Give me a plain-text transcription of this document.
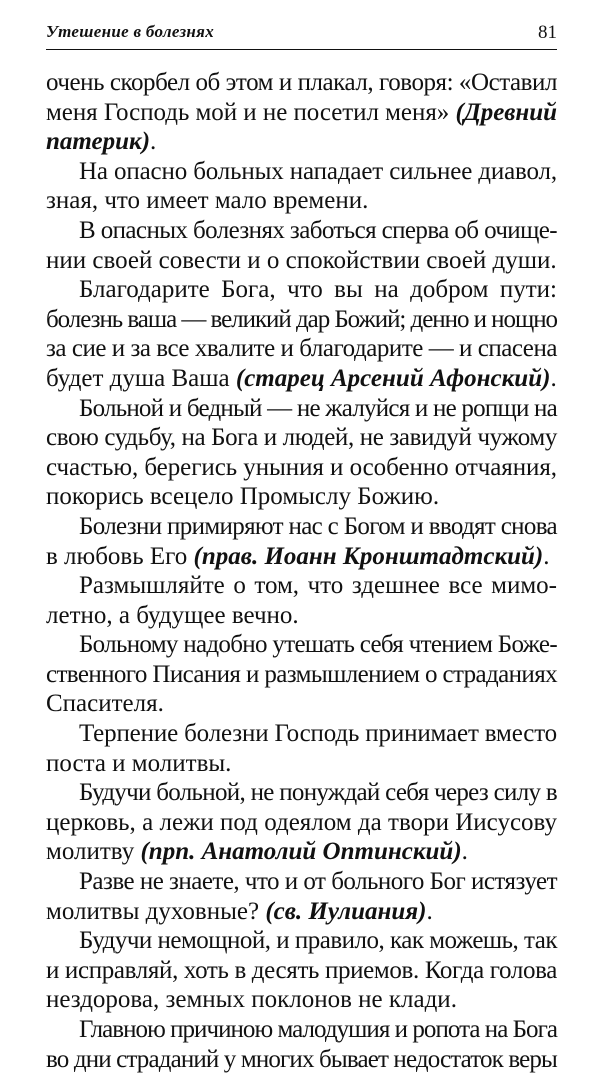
Утешение в болезнях	81
очень скорбел об этом и плакал, говоря: «Оставил
меня Господь мой и не посетил меня» (Древний
патерик).
На опасно больных нападает сильнее диавол,
зная, что имеет мало времени.
В опасных болезнях заботься сперва об очище-
нии своей совести и о спокойствии своей души.
Благодарите Бога, что вы на добром пути:
болезнь ваша — великий дар Божий; денно и нощно
за сие и за все хвалите и благодарите — и спасена
будет душа Ваша (старец Арсений Афонский).
Больной и бедный — не жалуйся и не ропщи на
свою судьбу, на Бога и людей, не завидуй чужому
счастью, берегись уныния и особенно отчаяния,
покорись всецело Промыслу Божию.
Болезни примиряют нас с Богом и вводят снова
в любовь Его (прав. Иоанн Кронштадтский).
Размышляйте о том, что здешнее все мимо-
летно, а будущее вечно.
Больному надобно утешать себя чтением Боже-
ственного Писания и размышлением о страданиях
Спасителя.
Терпение болезни Господь принимает вместо
поста и молитвы.
Будучи больной, не понуждай себя через силу в
церковь, а лежи под одеялом да твори Иисусову
молитву (прп. Анатолий Оптинский).
Разве не знаете, что и от больного Бог истязует
молитвы духовные? (св. Иулиания).
Будучи немощной, и правило, как можешь, так
и исправляй, хоть в десять приемов. Когда голова
нездорова, земных поклонов не клади.
Главною причиною малодушия и ропота на Бога
во дни страданий у многих бывает недостаток веры
